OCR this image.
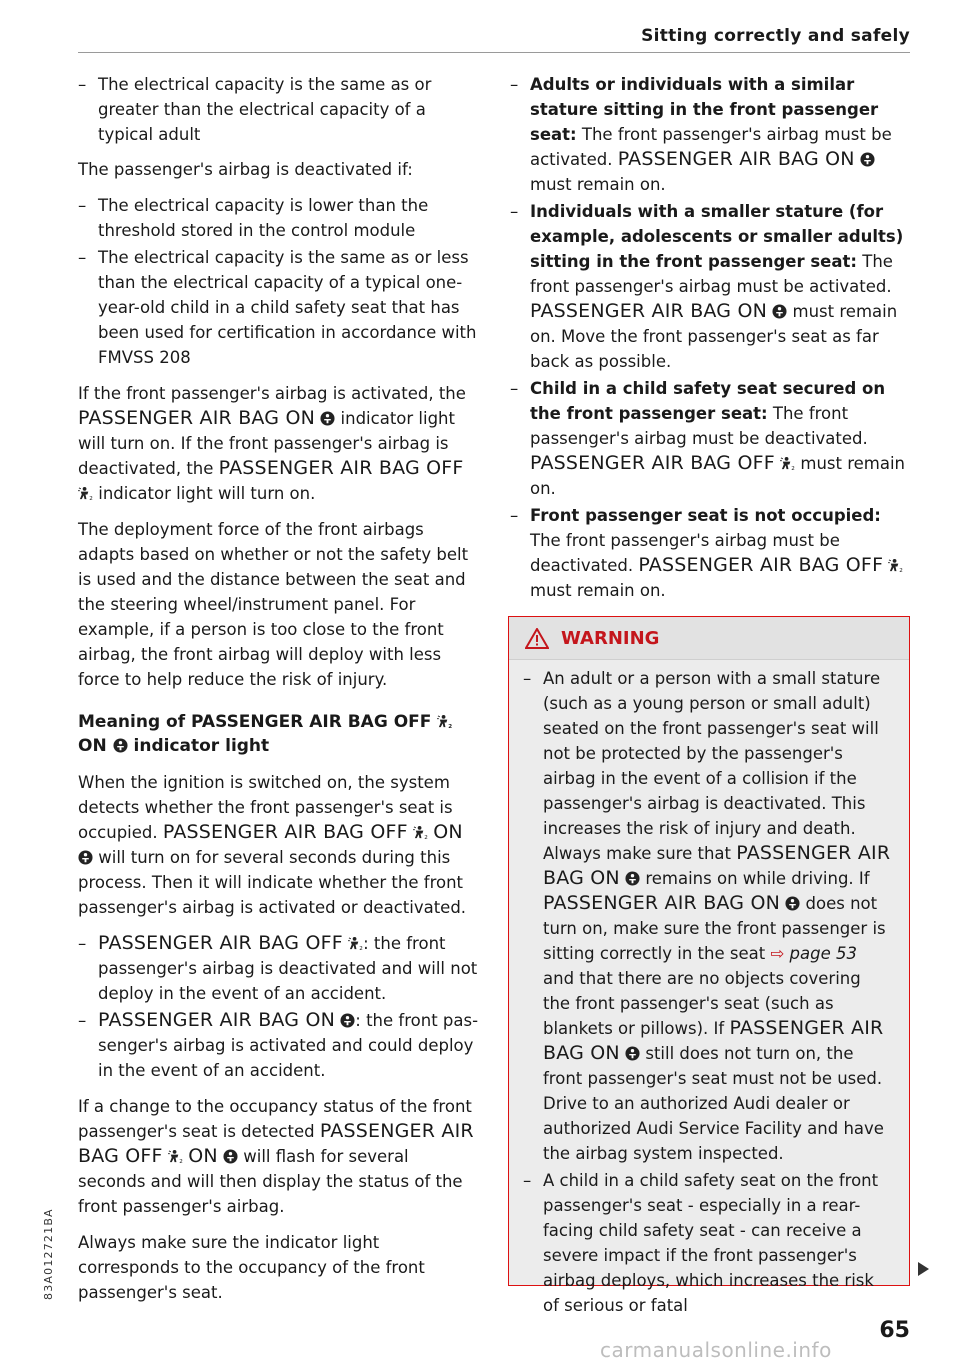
Sitting correctly and safely
– The electrical capacity is the same as or greater than the electrical capacity of a typical adult

The passenger's airbag is deactivated if:

– The electrical capacity is lower than the threshold stored in the control module
– The electrical capacity is the same as or less than the electrical capacity of a typical one-year-old child in a child safety seat that has been used for certification in accordance with FMVSS 208

If the front passenger's airbag is activated, the PASSENGER AIR BAG ON indicator light will turn on. If the front passenger's airbag is deactivated, the PASSENGER AIR BAG OFF  indicator light will turn on.

The deployment force of the front airbags adapts based on whether or not the safety belt is used and the distance between the seat and the steering wheel/instrument panel. For example, if a person is too close to the front airbag, the front airbag will deploy with less force to help reduce the risk of injury.

Meaning of PASSENGER AIR BAG OFF  ON indicator light

When the ignition is switched on, the system detects whether the front passenger's seat is occupied. PASSENGER AIR BAG OFF ON  will turn on for several seconds during this process. Then it will indicate whether the front passenger's airbag is activated or deactivated.

– PASSENGER AIR BAG OFF : the front passenger's airbag is deactivated and will not deploy in the event of an accident.
– PASSENGER AIR BAG ON : the front passenger's airbag is activated and could deploy in the event of an accident.

If a change to the occupancy status of the front passenger's seat is detected PASSENGER AIR BAG OFF ON will flash for several seconds and will then display the status of the front passenger's airbag.

Always make sure the indicator light corresponds to the occupancy of the front passenger's seat.

– Adults or individuals with a similar stature sitting in the front passenger seat: The front passenger's airbag must be activated. PASSENGER AIR BAG ON  must remain on.
– Individuals with a smaller stature (for example, adolescents or smaller adults) sitting in the front passenger seat: The front passenger's airbag must be activated. PASSENGER AIR BAG ON must remain on. Move the front passenger's seat as far back as possible.
– Child in a child safety seat secured on the front passenger seat: The front passenger's airbag must be deactivated. PASSENGER AIR BAG OFF must remain on.
– Front passenger seat is not occupied: The front passenger's airbag must be deactivated. PASSENGER AIR BAG OFF  must remain on.
WARNING
– An adult or a person with a small stature (such as a young person or small adult) seated on the front passenger's seat will not be protected by the passenger's airbag in the event of a collision if the passenger's airbag is deactivated. This increases the risk of injury and death. Always make sure that PASSENGER AIR BAG ON remains on while driving. If PASSENGER AIR BAG ON does not turn on, make sure the front passenger is sitting correctly in the seat ⇨ page 53 and that there are no objects covering the front passenger's seat (such as blankets or pillows). If PASSENGER AIR BAG ON still does not turn on, the front passenger's seat must not be used. Drive to an authorized Audi dealer or authorized Audi Service Facility and have the airbag system inspected.
– A child in a child safety seat on the front passenger's seat - especially in a rear-facing child safety seat - can receive a severe impact if the front passenger's airbag deploys, which increases the risk of serious or fatal
65
83A012721BA
carmanualsonline.info
